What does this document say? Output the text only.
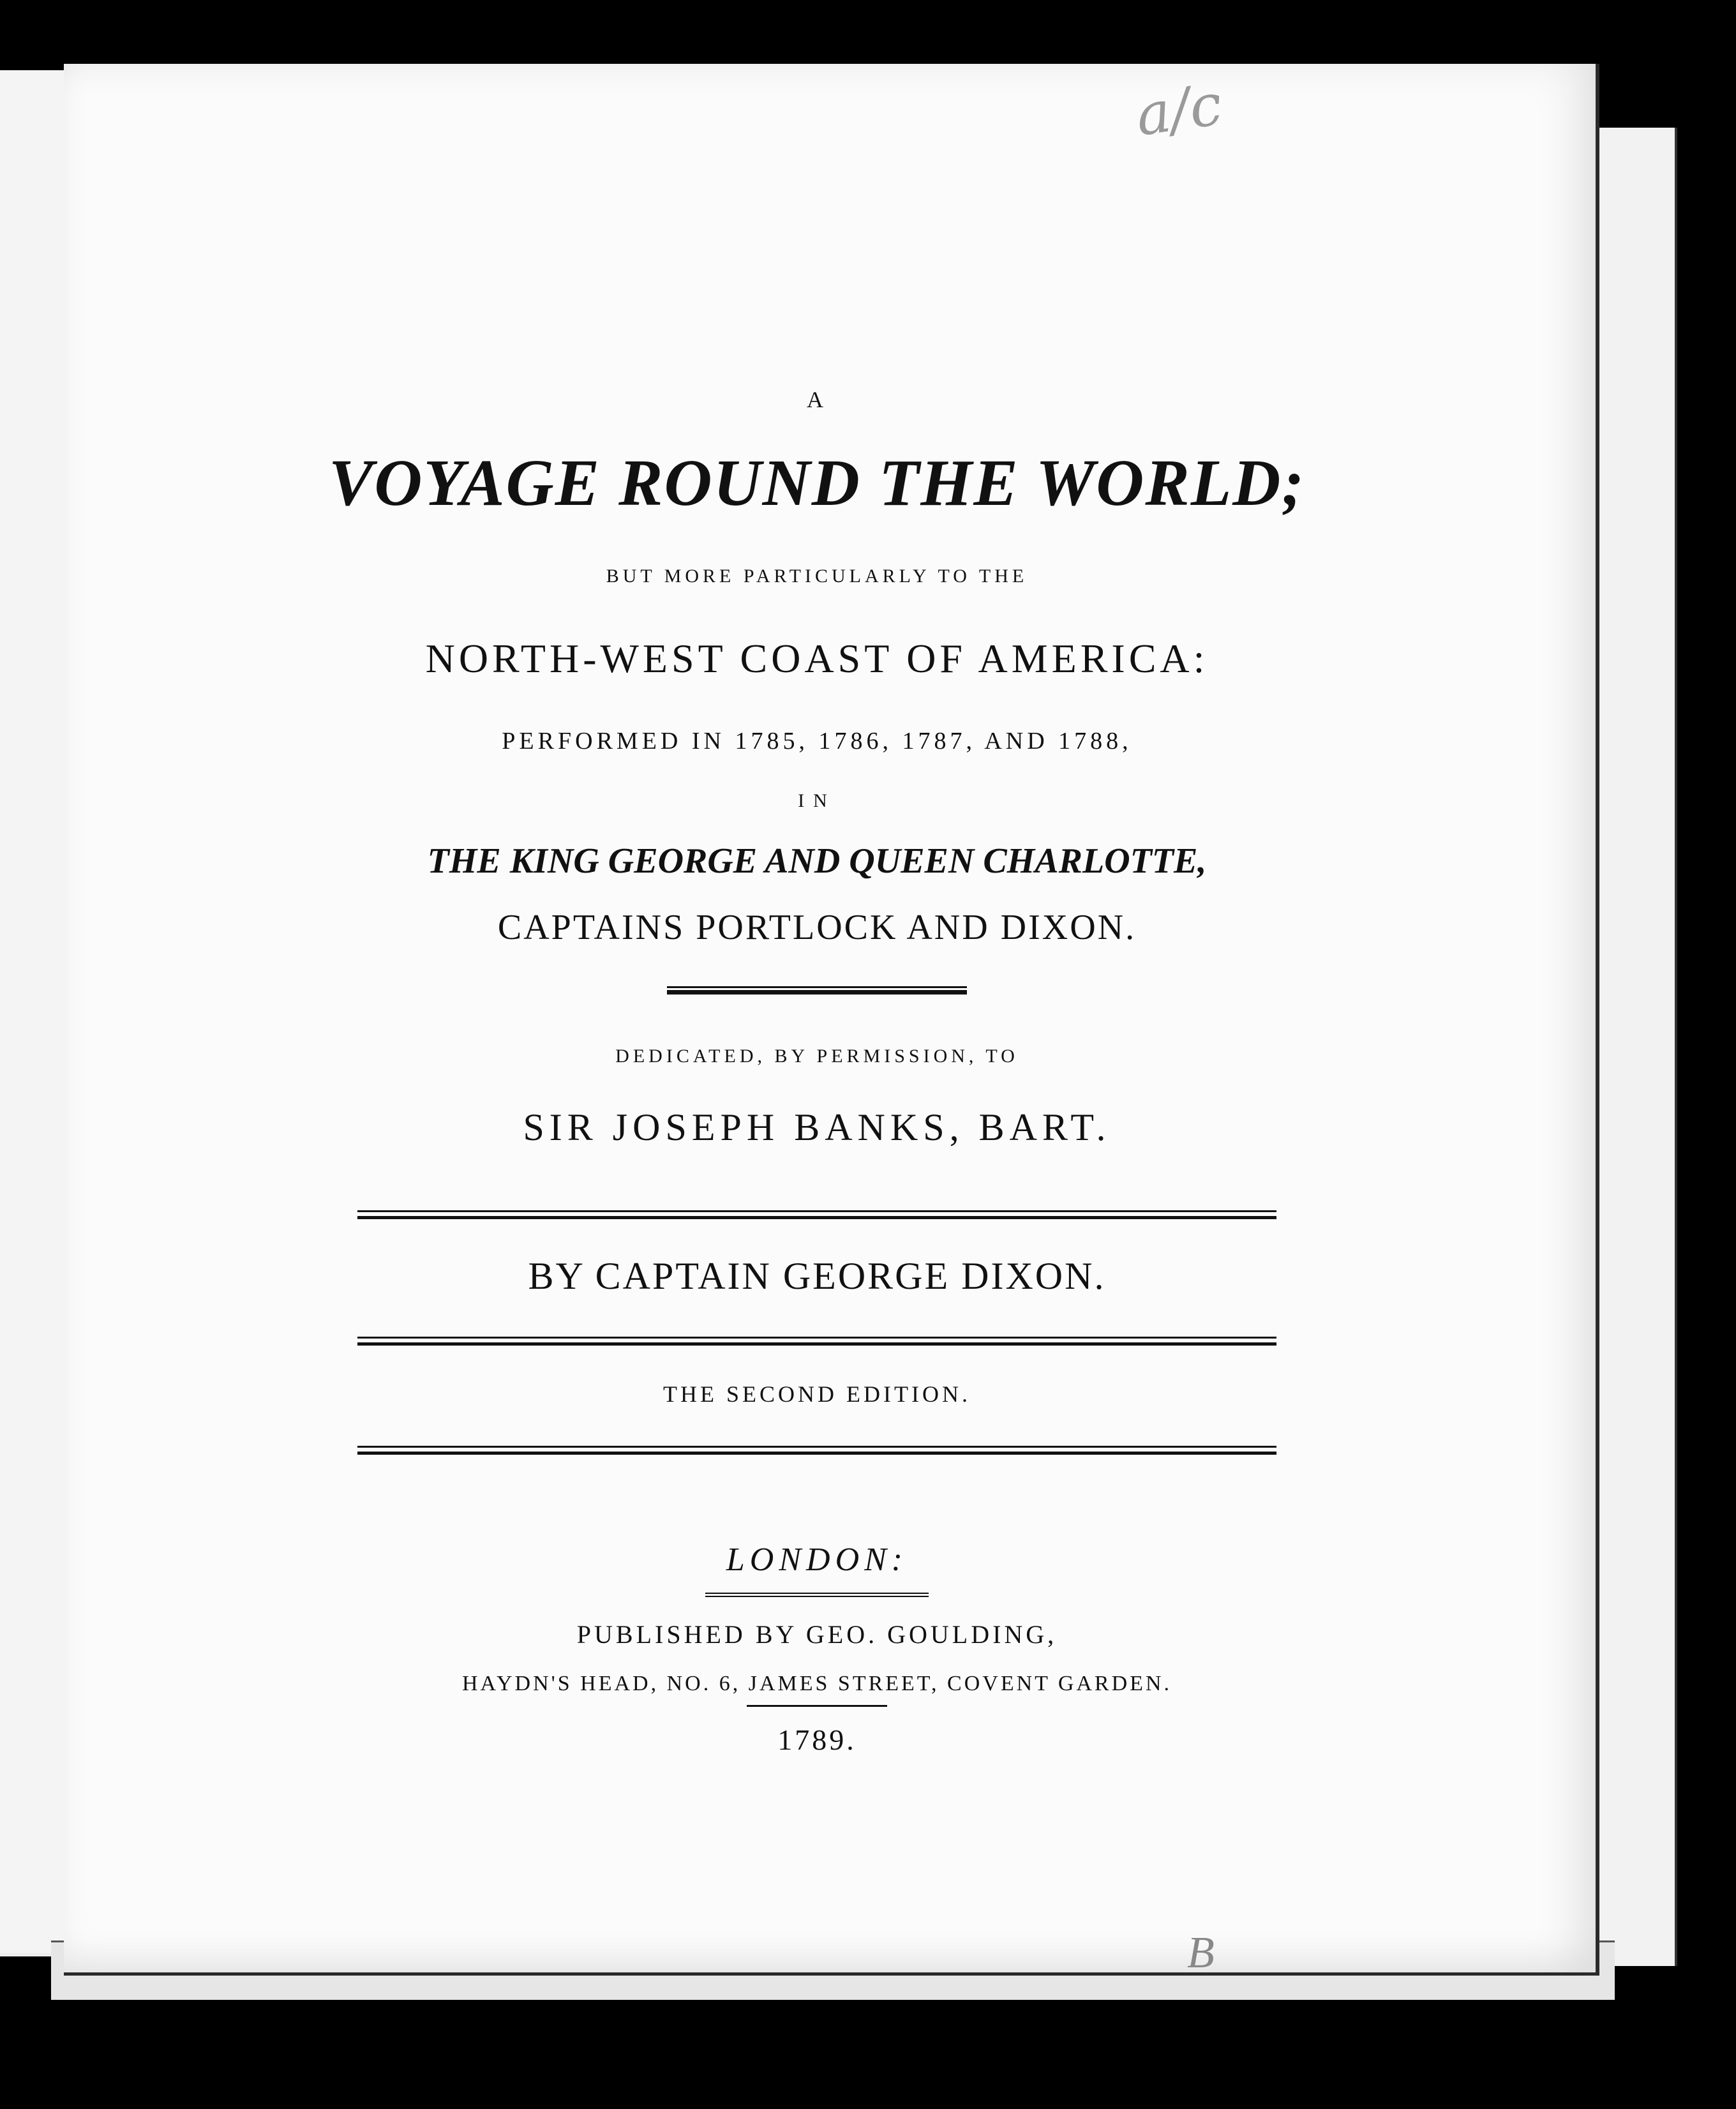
a/c
B
A
VOYAGE ROUND THE WORLD;
BUT MORE PARTICULARLY TO THE
NORTH-WEST COAST OF AMERICA:
PERFORMED IN 1785, 1786, 1787, AND 1788,
IN
THE KING GEORGE AND QUEEN CHARLOTTE,
CAPTAINS PORTLOCK AND DIXON.
DEDICATED, BY PERMISSION, TO
SIR JOSEPH BANKS, BART.
BY CAPTAIN GEORGE DIXON.
THE SECOND EDITION.
LONDON:
PUBLISHED BY GEO. GOULDING,
HAYDN'S HEAD, NO. 6, JAMES STREET, COVENT GARDEN.
1789.
